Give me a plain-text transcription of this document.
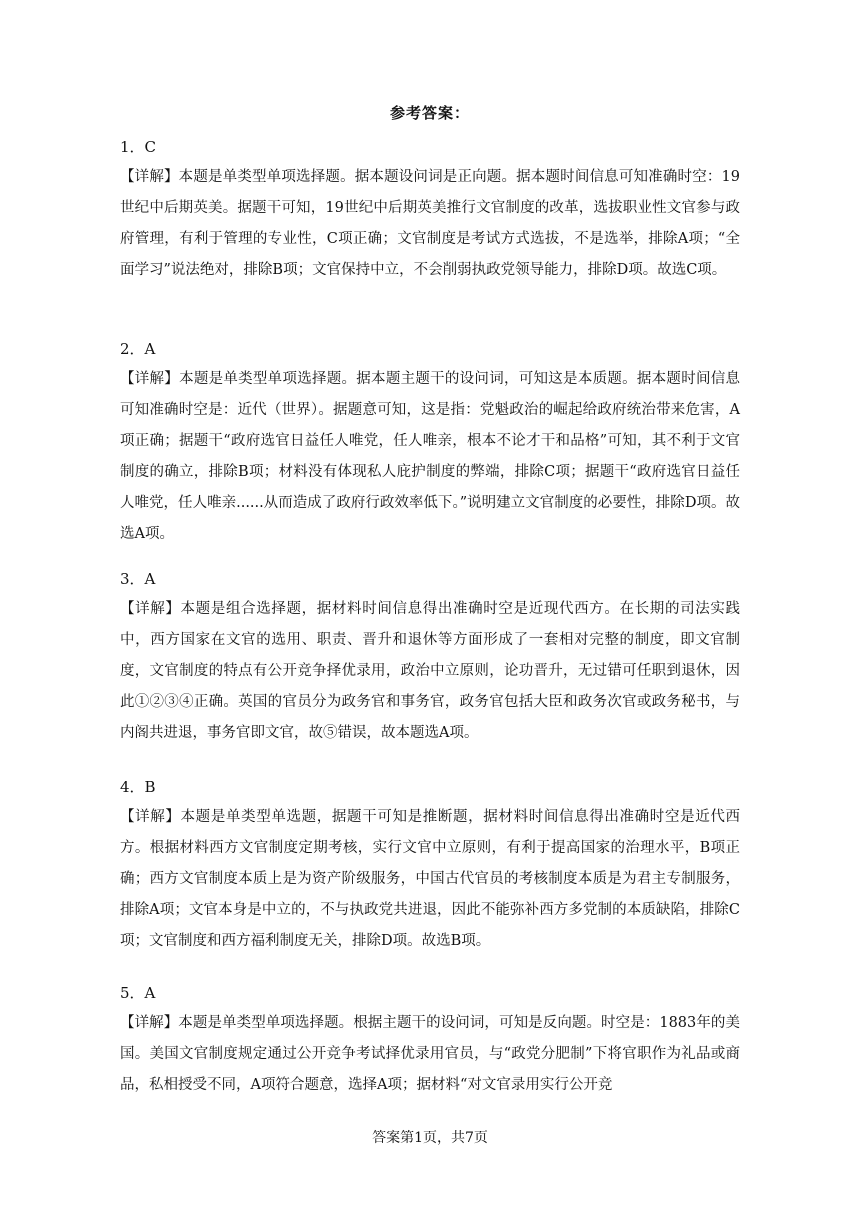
参考答案：

1．C

【详解】本题是单类型单项选择题。据本题设问词是正向题。据本题时间信息可知准确时空：19世纪中后期英美。据题干可知，19世纪中后期英美推行文官制度的改革，选拔职业性文官参与政府管理，有利于管理的专业性，C项正确；文官制度是考试方式选拔，不是选举，排除A项；“全面学习”说法绝对，排除B项；文官保持中立，不会削弱执政党领导能力，排除D项。故选C项。

2．A

【详解】本题是单类型单项选择题。据本题主题干的设问词，可知这是本质题。据本题时间信息可知准确时空是：近代（世界）。据题意可知，这是指：党魁政治的崛起给政府统治带来危害，A项正确；据题干“政府选官日益任人唯党，任人唯亲，根本不论才干和品格”可知，其不利于文官制度的确立，排除B项；材料没有体现私人庇护制度的弊端，排除C项；据题干“政府选官日益任人唯党，任人唯亲......从而造成了政府行政效率低下。”说明建立文官制度的必要性，排除D项。故选A项。

3．A

【详解】本题是组合选择题，据材料时间信息得出准确时空是近现代西方。在长期的司法实践中，西方国家在文官的选用、职责、晋升和退休等方面形成了一套相对完整的制度，即文官制度，文官制度的特点有公开竞争择优录用，政治中立原则，论功晋升，无过错可任职到退休，因此①②③④正确。英国的官员分为政务官和事务官，政务官包括大臣和政务次官或政务秘书，与内阁共进退，事务官即文官，故⑤错误，故本题选A项。

4．B

【详解】本题是单类型单选题，据题干可知是推断题，据材料时间信息得出准确时空是近代西方。根据材料西方文官制度定期考核，实行文官中立原则，有利于提高国家的治理水平，B项正确；西方文官制度本质上是为资产阶级服务，中国古代官员的考核制度本质是为君主专制服务，排除A项；文官本身是中立的，不与执政党共进退，因此不能弥补西方多党制的本质缺陷，排除C项；文官制度和西方福利制度无关，排除D项。故选B项。

5．A

【详解】本题是单类型单项选择题。根据主题干的设问词，可知是反向题。时空是：1883年的美国。美国文官制度规定通过公开竞争考试择优录用官员，与“政党分肥制”下将官职作为礼品或商品，私相授受不同，A项符合题意，选择A项；据材料“对文官录用实行公开竞

答案第1页，共7页
